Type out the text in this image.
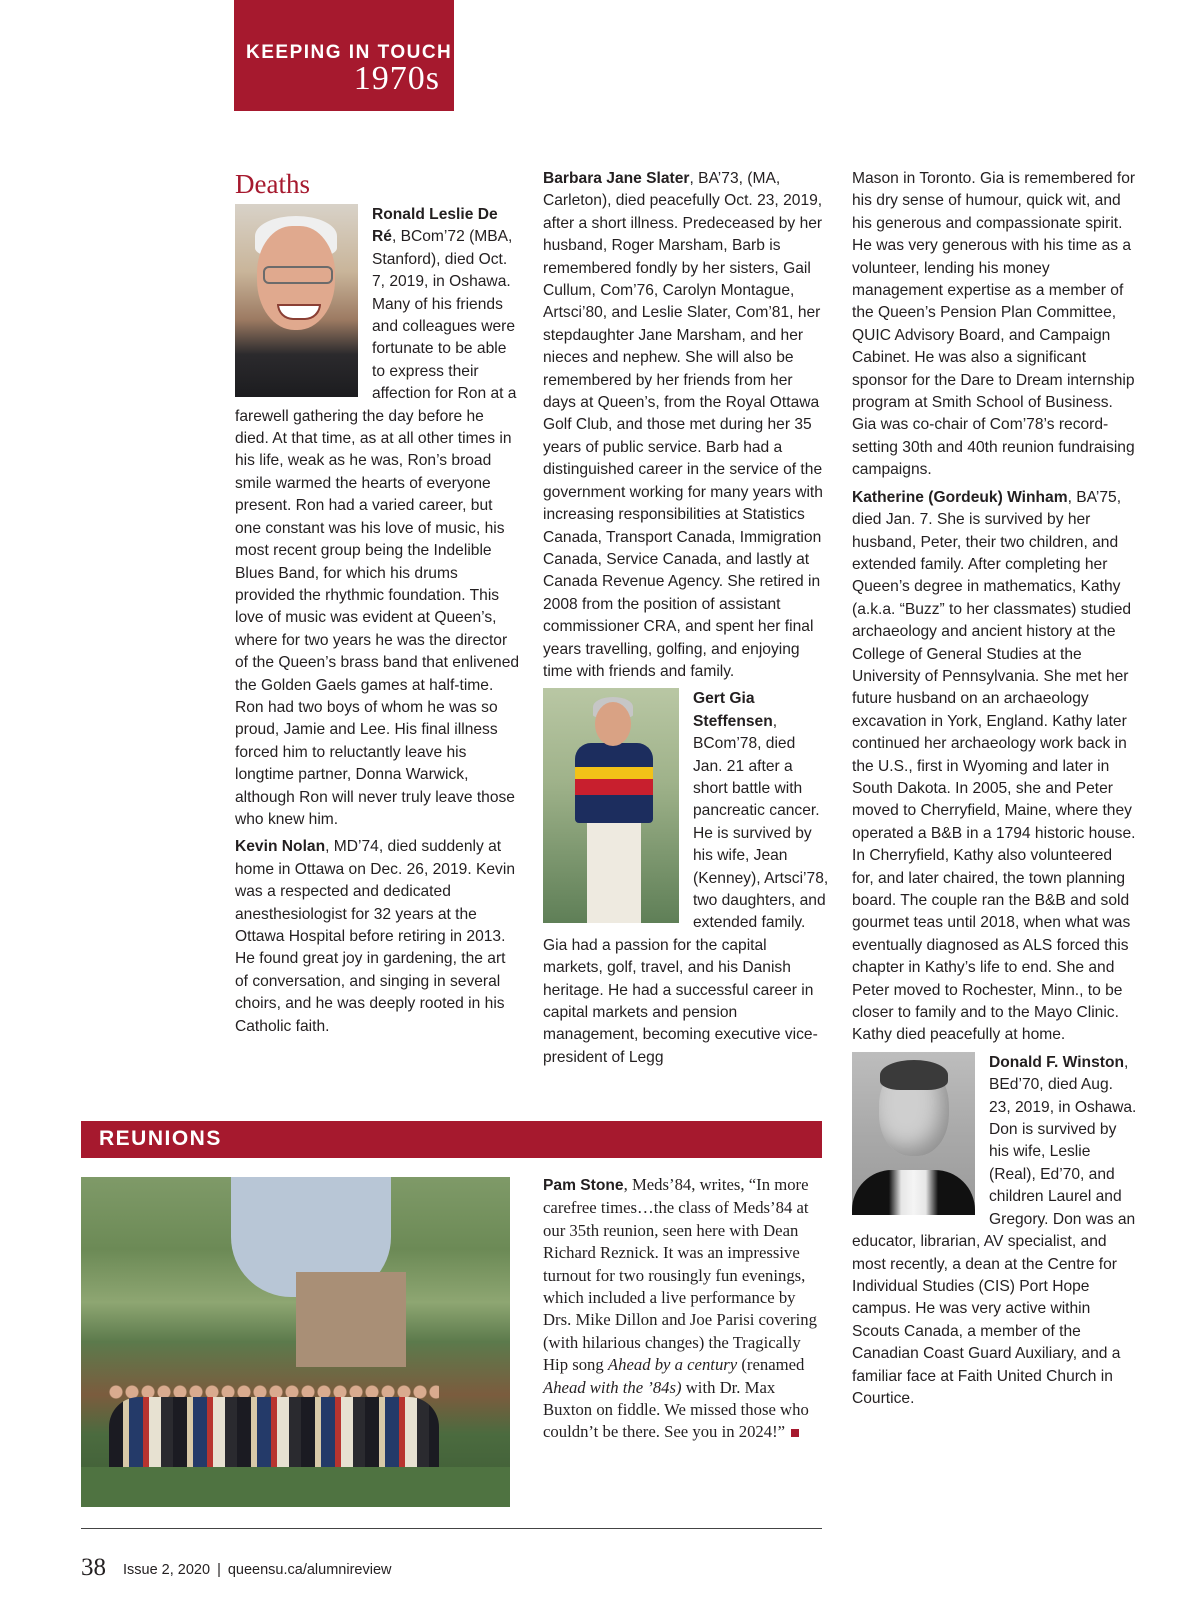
KEEPING IN TOUCH
1970s
Deaths

Ronald Leslie De Ré, BCom’72 (MBA, Stanford), died Oct. 7, 2019, in Oshawa. Many of his friends and colleagues were fortunate to be able to express their affection for Ron at a farewell gathering the day before he died. At that time, as at all other times in his life, weak as he was, Ron’s broad smile warmed the hearts of everyone present. Ron had a varied career, but one constant was his love of music, his most recent group being the Indelible Blues Band, for which his drums provided the rhythmic foundation. This love of music was evident at Queen’s, where for two years he was the director of the Queen’s brass band that enlivened the Golden Gaels games at half-time. Ron had two boys of whom he was so proud, Jamie and Lee. His final illness forced him to reluctantly leave his longtime partner, Donna Warwick, although Ron will never truly leave those who knew him.

Kevin Nolan, MD’74, died suddenly at home in Ottawa on Dec. 26, 2019. Kevin was a respected and dedicated anesthesiologist for 32 years at the Ottawa Hospital before retiring in 2013. He found great joy in gardening, the art of conversation, and singing in several choirs, and he was deeply rooted in his Catholic faith.

Barbara Jane Slater, BA’73, (MA, Carleton), died peacefully Oct. 23, 2019, after a short illness. Predeceased by her husband, Roger Marsham, Barb is remembered fondly by her sisters, Gail Cullum, Com’76, Carolyn Montague, Artsci’80, and Leslie Slater, Com’81, her stepdaughter Jane Marsham, and her nieces and nephew. She will also be remembered by her friends from her days at Queen’s, from the Royal Ottawa Golf Club, and those met during her 35 years of public service. Barb had a distinguished career in the service of the government working for many years with increasing responsibilities at Statistics Canada, Transport Canada, Immigration Canada, Service Canada, and lastly at Canada Revenue Agency. She retired in 2008 from the position of assistant commissioner CRA, and spent her final years travelling, golfing, and enjoying time with friends and family.

Gert Gia Steffensen, BCom’78, died Jan. 21 after a short battle with pancreatic cancer. He is survived by his wife, Jean (Kenney), Artsci’78, two daughters, and extended family. Gia had a passion for the capital markets, golf, travel, and his Danish heritage. He had a successful career in capital markets and pension management, becoming executive vice-president of Legg

Mason in Toronto. Gia is remembered for his dry sense of humour, quick wit, and his generous and compassionate spirit. He was very generous with his time as a volunteer, lending his money management expertise as a member of the Queen’s Pension Plan Committee, QUIC Advisory Board, and Campaign Cabinet. He was also a significant sponsor for the Dare to Dream internship program at Smith School of Business. Gia was co-chair of Com’78’s record-setting 30th and 40th reunion fundraising campaigns.

Katherine (Gordeuk) Winham, BA’75, died Jan. 7. She is survived by her husband, Peter, their two children, and extended family. After completing her Queen’s degree in mathematics, Kathy (a.k.a. “Buzz” to her classmates) studied archaeology and ancient history at the College of General Studies at the University of Pennsylvania. She met her future husband on an archaeology excavation in York, England. Kathy later continued her archaeology work back in the U.S., first in Wyoming and later in South Dakota. In 2005, she and Peter moved to Cherryfield, Maine, where they operated a B&B in a 1794 historic house. In Cherryfield, Kathy also volunteered for, and later chaired, the town planning board. The couple ran the B&B and sold gourmet teas until 2018, when what was eventually diagnosed as ALS forced this chapter in Kathy’s life to end. She and Peter moved to Rochester, Minn., to be closer to family and to the Mayo Clinic. Kathy died peacefully at home.

Donald F. Winston, BEd’70, died Aug. 23, 2019, in Oshawa. Don is survived by his wife, Leslie (Real), Ed’70, and children Laurel and Gregory. Don was an educator, librarian, AV specialist, and most recently, a dean at the Centre for Individual Studies (CIS) Port Hope campus. He was very active within Scouts Canada, a member of the Canadian Coast Guard Auxiliary, and a familiar face at Faith United Church in Courtice.

REUNIONS
Pam Stone, Meds’84, writes, “In more carefree times…the class of Meds’84 at our 35th reunion, seen here with Dean Richard Reznick. It was an impressive turnout for two rousingly fun evenings, which included a live performance by Drs. Mike Dillon and Joe Parisi covering (with hilarious changes) the Tragically Hip song Ahead by a century (renamed Ahead with the ’84s) with Dr. Max Buxton on fiddle. We missed those who couldn’t be there. See you in 2024!”
38 Issue 2, 2020 | queensu.ca/alumnireview
